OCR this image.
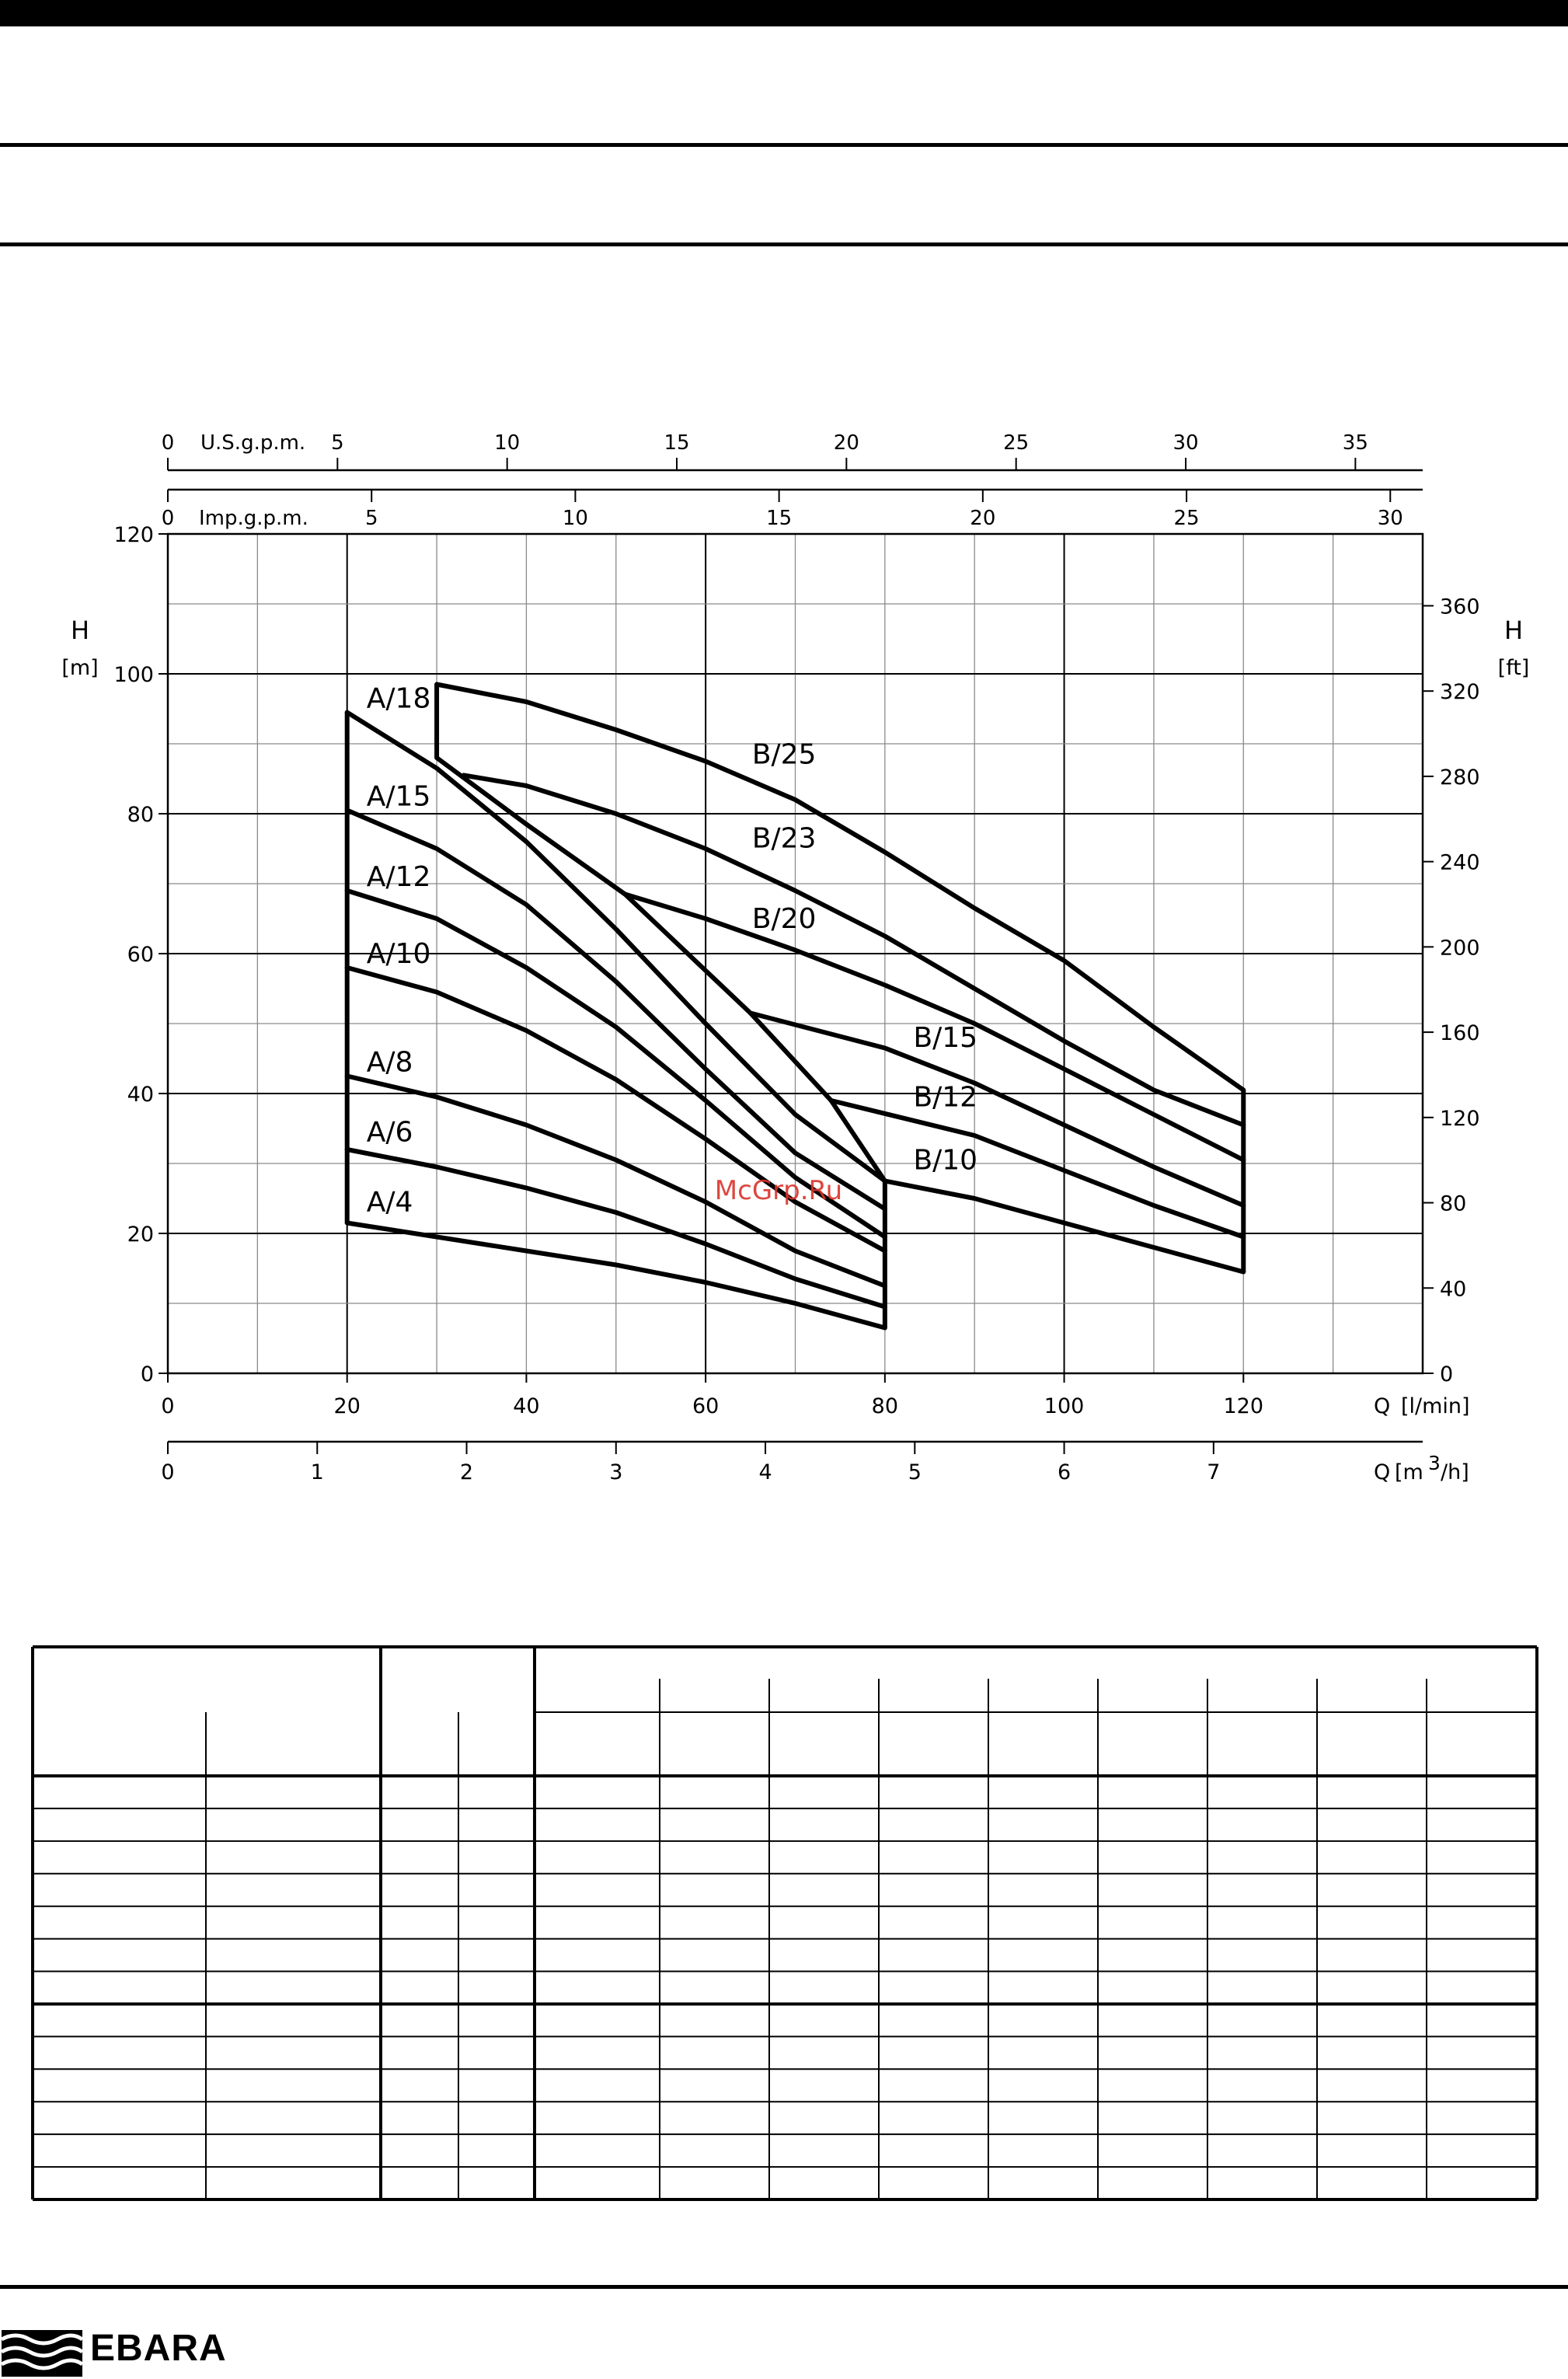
0
20
40
60
80
100
120
H
[m]
0
40
80
120
160
200
240
280
320
360
H
[ft]
0	20	40	60	80	100	120	Q [l/min]
0	1	2	3	4	5	6	7	Q [m 3 /h]
0	5	10	15	20	25	30	35
U.S.g.p.m.
0	5	10	15	20	25	30
Imp.g.p.m.
A/4
A/6
A/8
A/10
A/12
A/15
A/18
B/10
B/12
B/15
B/20
B/23
B/25
McGrp.Ru
EBARA
